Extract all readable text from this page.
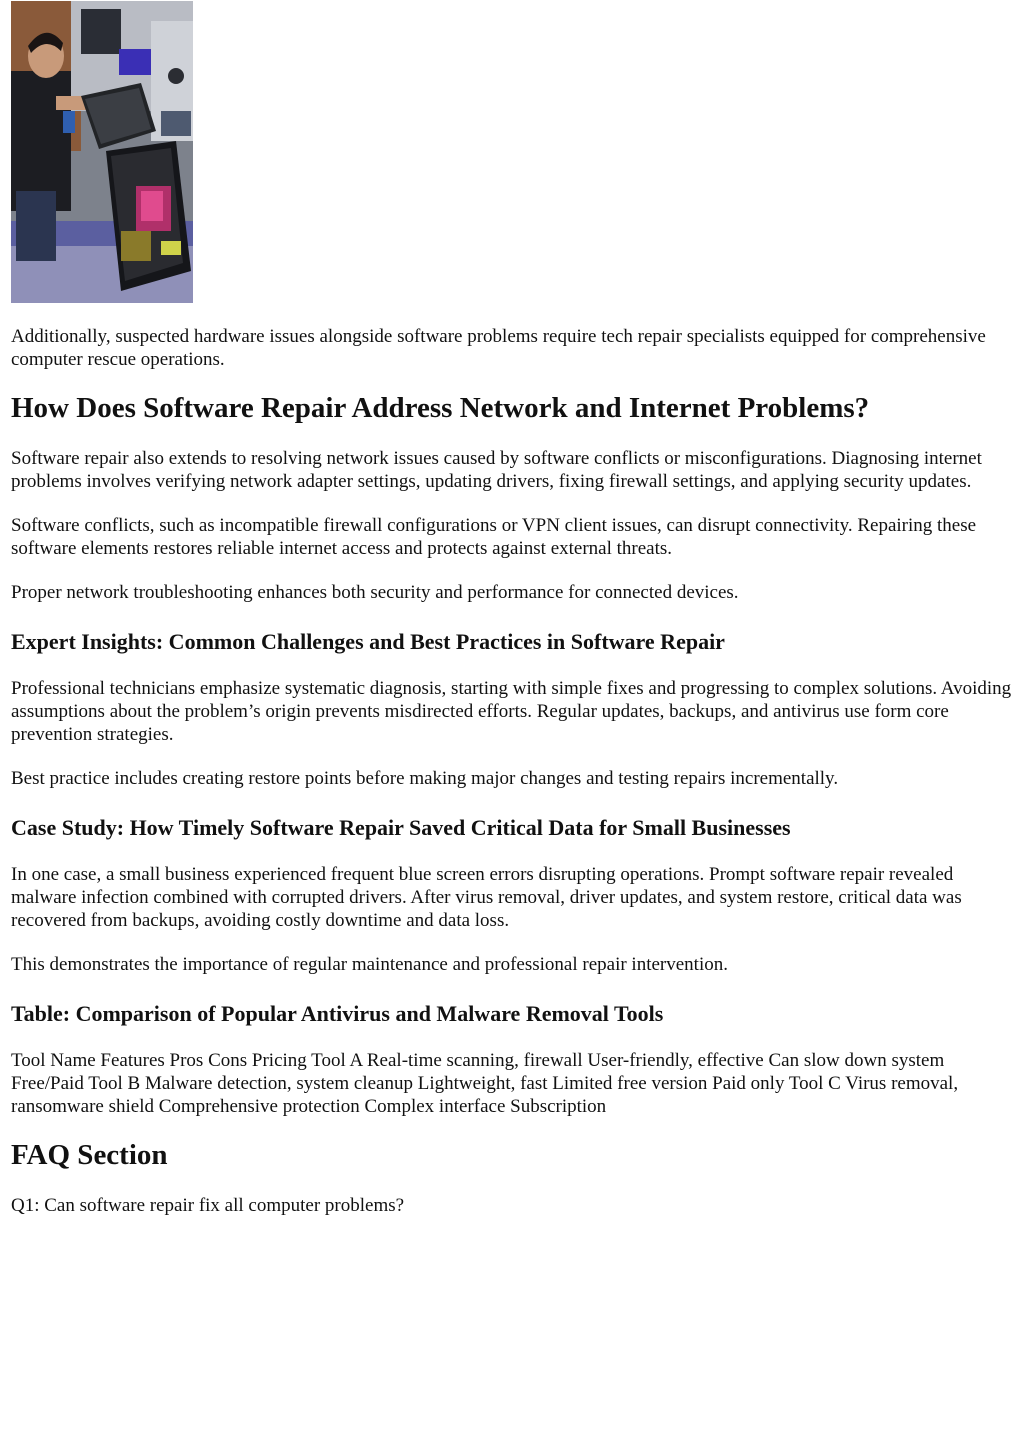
Additionally, suspected hardware issues alongside software problems require tech repair specialists equipped for comprehensive computer rescue operations.

How Does Software Repair Address Network and Internet Problems?

Software repair also extends to resolving network issues caused by software conflicts or misconfigurations. Diagnosing internet problems involves verifying network adapter settings, updating drivers, fixing firewall settings, and applying security updates.

Software conflicts, such as incompatible firewall configurations or VPN client issues, can disrupt connectivity. Repairing these software elements restores reliable internet access and protects against external threats.

Proper network troubleshooting enhances both security and performance for connected devices.

Expert Insights: Common Challenges and Best Practices in Software Repair

Professional technicians emphasize systematic diagnosis, starting with simple fixes and progressing to complex solutions. Avoiding assumptions about the problem’s origin prevents misdirected efforts. Regular updates, backups, and antivirus use form core prevention strategies.

Best practice includes creating restore points before making major changes and testing repairs incrementally.

Case Study: How Timely Software Repair Saved Critical Data for Small Businesses

In one case, a small business experienced frequent blue screen errors disrupting operations. Prompt software repair revealed malware infection combined with corrupted drivers. After virus removal, driver updates, and system restore, critical data was recovered from backups, avoiding costly downtime and data loss.

This demonstrates the importance of regular maintenance and professional repair intervention.

Table: Comparison of Popular Antivirus and Malware Removal Tools

Tool Name Features Pros Cons Pricing Tool A Real-time scanning, firewall User-friendly, effective Can slow down system Free/Paid Tool B Malware detection, system cleanup Lightweight, fast Limited free version Paid only Tool C Virus removal, ransomware shield Comprehensive protection Complex interface Subscription

FAQ Section

Q1: Can software repair fix all computer problems?
